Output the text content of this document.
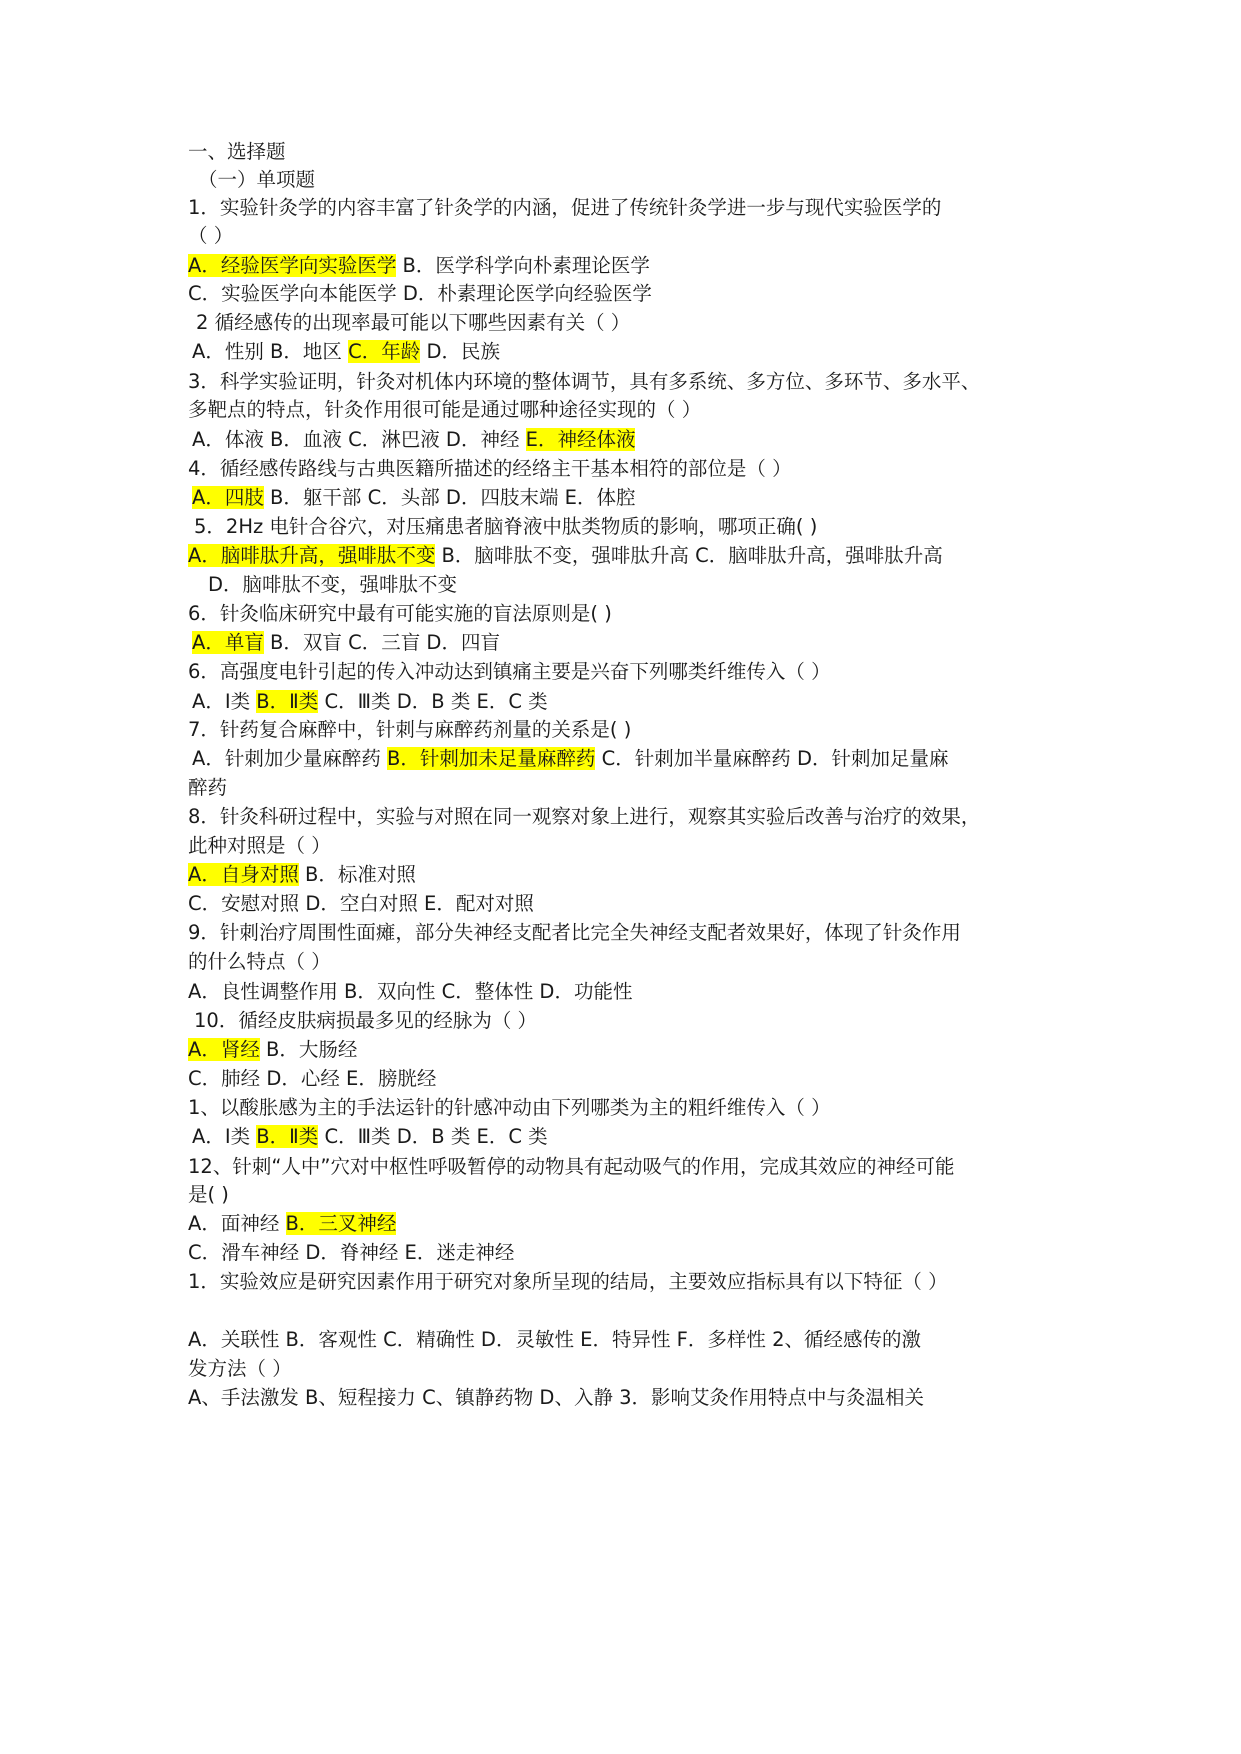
一、选择题
（一）单项题
1．实验针灸学的内容丰富了针灸学的内涵，促进了传统针灸学进一步与现代实验医学的
（ ）
A．经验医学向实验医学 B．医学科学向朴素理论医学
C．实验医学向本能医学 D．朴素理论医学向经验医学
2 循经感传的出现率最可能以下哪些因素有关（ ）
A．性别 B．地区 C．年龄 D．民族
3．科学实验证明，针灸对机体内环境的整体调节，具有多系统、多方位、多环节、多水平、
多靶点的特点，针灸作用很可能是通过哪种途径实现的（ ）
A．体液 B．血液 C．淋巴液 D．神经 E．神经体液
4．循经感传路线与古典医籍所描述的经络主干基本相符的部位是（ ）
A．四肢 B．躯干部 C．头部 D．四肢末端 E．体腔
5．2Hz 电针合谷穴，对压痛患者脑脊液中肽类物质的影响，哪项正确( )
A．脑啡肽升高，强啡肽不变 B．脑啡肽不变，强啡肽升高 C．脑啡肽升高，强啡肽升高
D．脑啡肽不变，强啡肽不变
6．针灸临床研究中最有可能实施的盲法原则是( )
A．单盲 B．双盲 C．三盲 D．四盲
6．高强度电针引起的传入冲动达到镇痛主要是兴奋下列哪类纤维传入（ ）
A．Ⅰ类 B．Ⅱ类 C．Ⅲ类 D．B 类 E．C 类
7．针药复合麻醉中，针刺与麻醉药剂量的关系是( )
A．针刺加少量麻醉药 B．针刺加未足量麻醉药 C．针刺加半量麻醉药 D．针刺加足量麻
醉药
8．针灸科研过程中，实验与对照在同一观察对象上进行，观察其实验后改善与治疗的效果，
此种对照是（ ）
A．自身对照 B．标准对照
C．安慰对照 D．空白对照 E．配对对照
9．针刺治疗周围性面瘫，部分失神经支配者比完全失神经支配者效果好，体现了针灸作用
的什么特点（ ）
A．良性调整作用 B．双向性 C．整体性 D．功能性
10．循经皮肤病损最多见的经脉为（ ）
A．肾经 B．大肠经
C．肺经 D．心经 E．膀胱经
1、以酸胀感为主的手法运针的针感冲动由下列哪类为主的粗纤维传入（ ）
A．Ⅰ类 B．Ⅱ类 C．Ⅲ类 D．B 类 E．C 类
12、针刺“人中”穴对中枢性呼吸暂停的动物具有起动吸气的作用，完成其效应的神经可能
是( )
A．面神经 B．三叉神经
C．滑车神经 D．脊神经 E．迷走神经
1．实验效应是研究因素作用于研究对象所呈现的结局，主要效应指标具有以下特征（ ）
A．关联性 B．客观性 C．精确性 D．灵敏性 E．特异性 F．多样性 2、循经感传的激
发方法（ ）
A、手法激发 B、短程接力 C、镇静药物 D、入静 3．影响艾灸作用特点中与灸温相关
